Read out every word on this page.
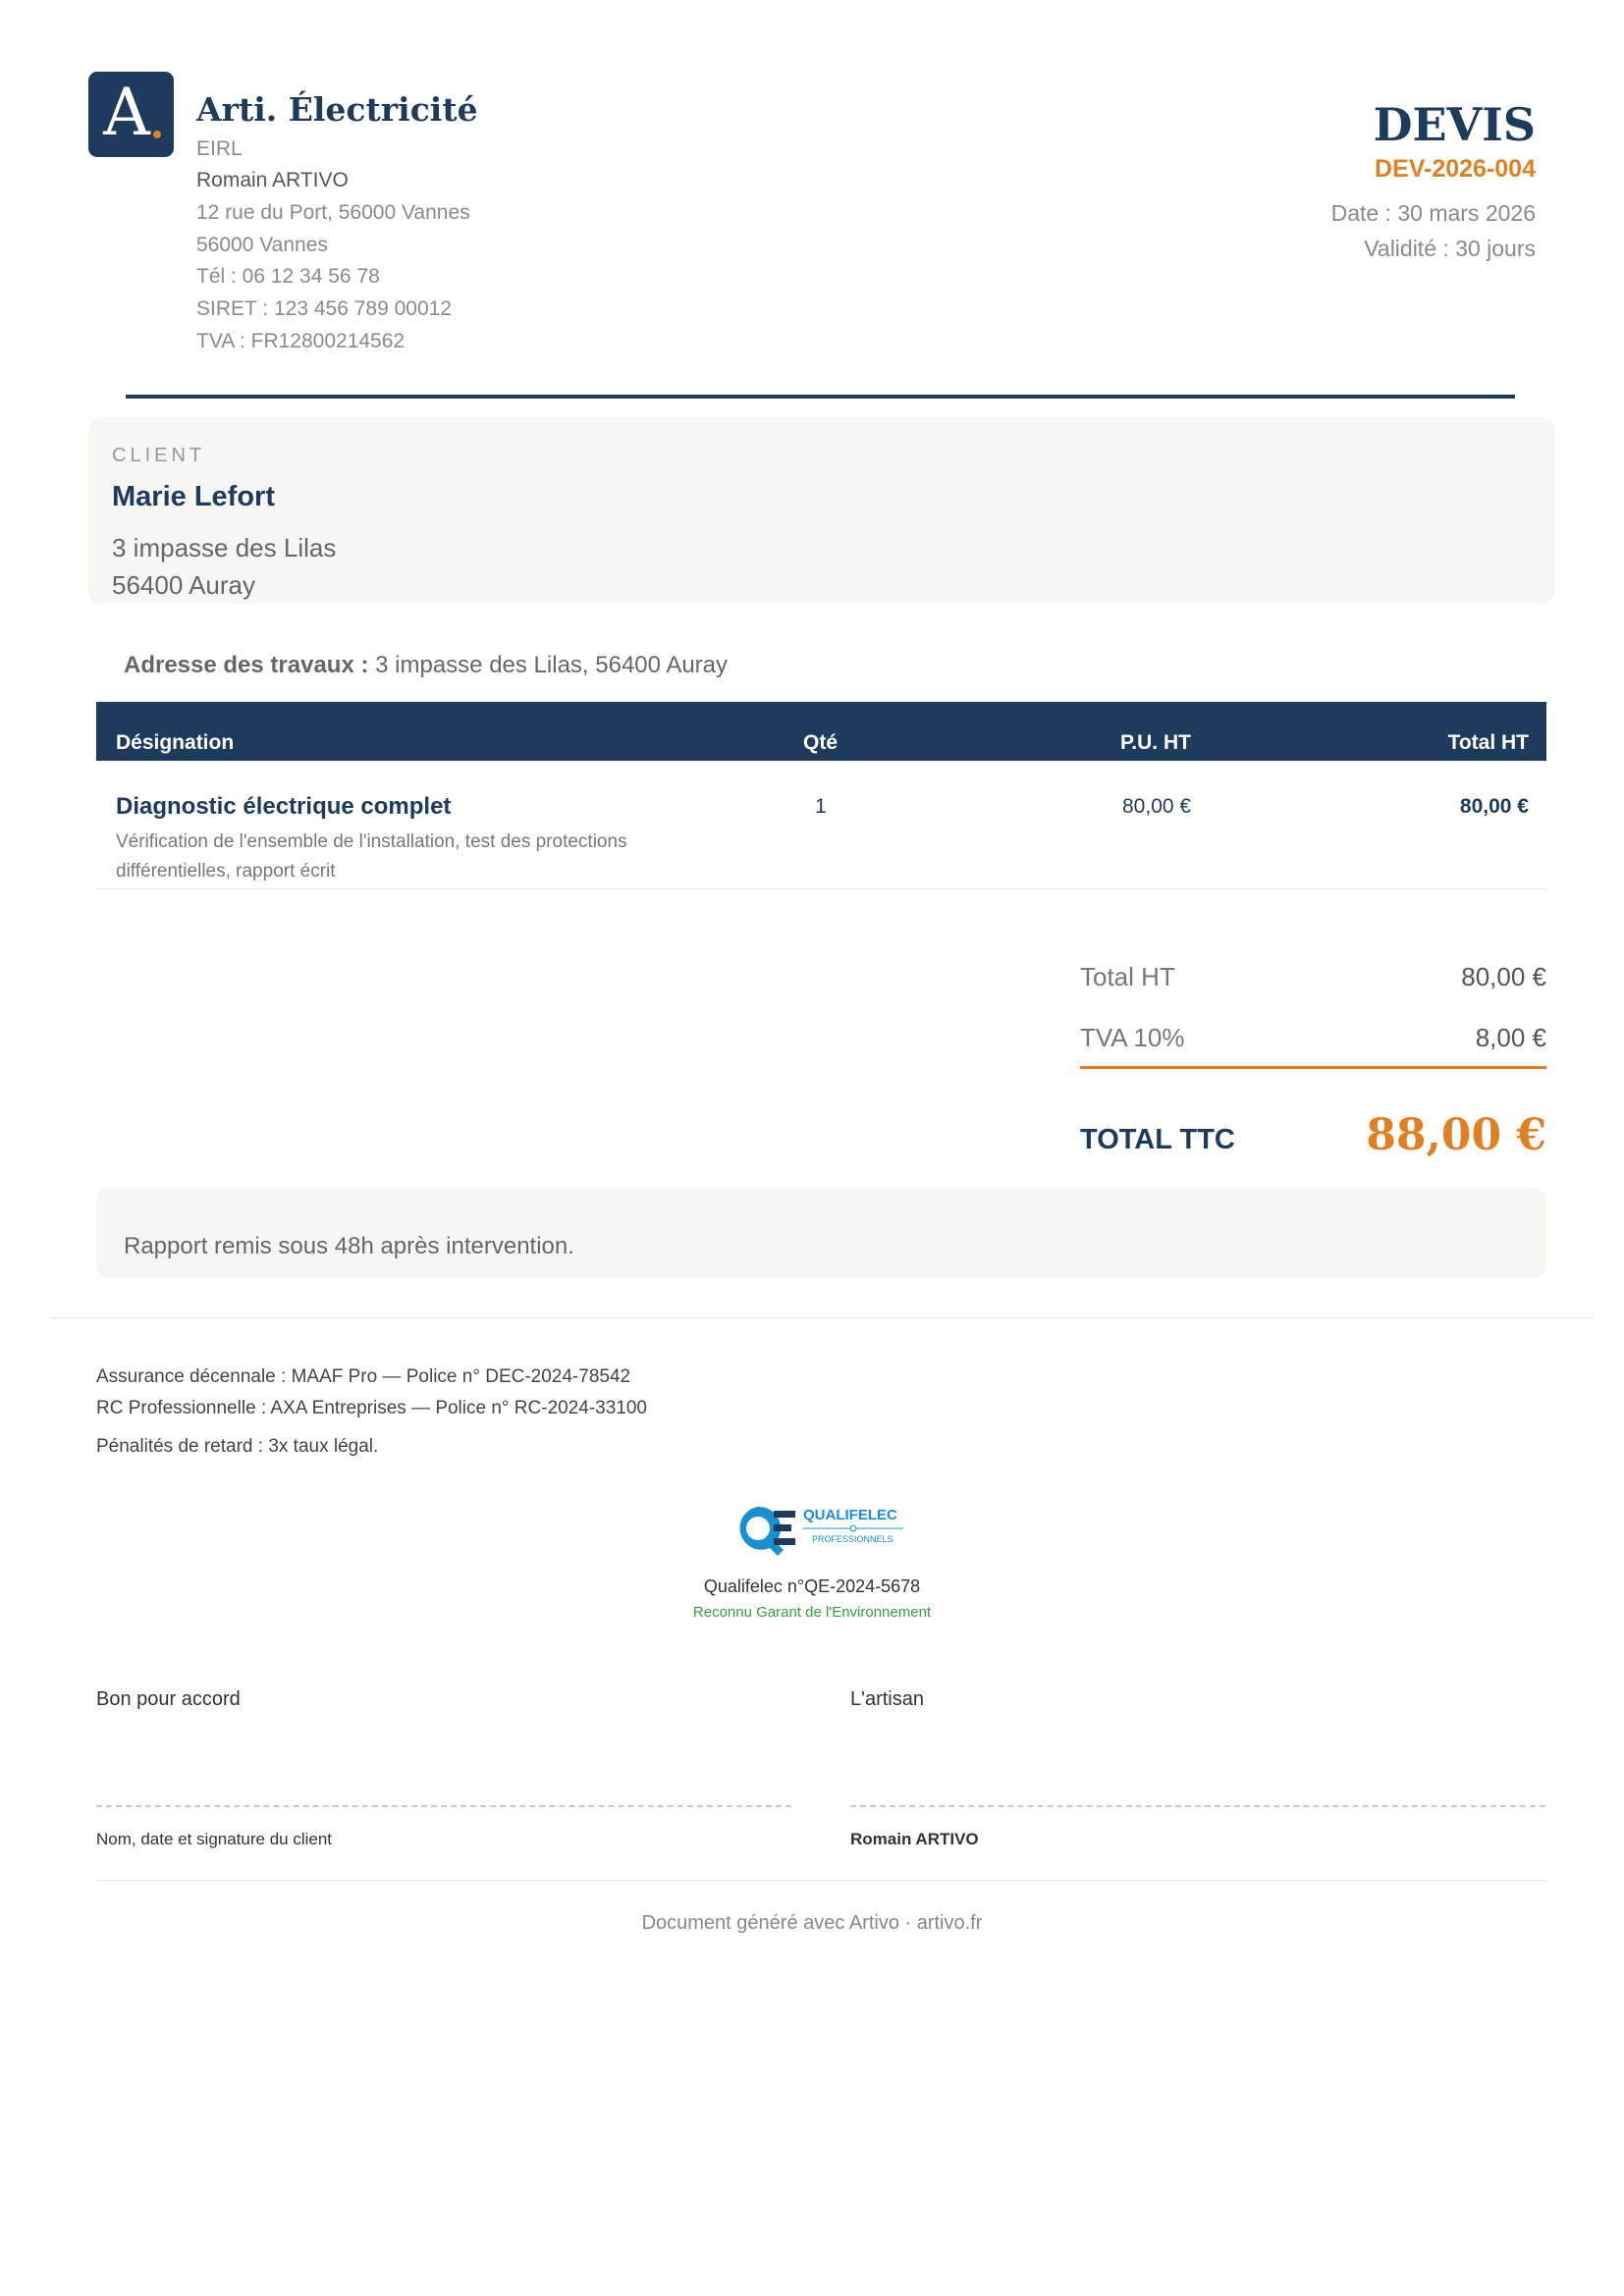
A	Arti. Électricité
EIRL
Romain ARTIVO
12 rue du Port, 56000 Vannes
56000 Vannes
Tél : 06 12 34 56 78
SIRET : 123 456 789 00012
TVA : FR12800214562
DEVIS
DEV-2026-004
Date : 30 mars 2026
Validité : 30 jours
CLIENT
Marie Lefort
3 impasse des Lilas
56400 Auray
Adresse des travaux : 3 impasse des Lilas, 56400 Auray
Désignation	Qté	P.U. HT	Total HT
Diagnostic électrique complet
Vérification de l'ensemble de l'installation, test des protections différentielles, rapport écrit
1	80,00 €	80,00 €
Total HT	80,00 €
TVA 10%	8,00 €
TOTAL TTC	88,00 €
Rapport remis sous 48h après intervention.
Assurance décennale : MAAF Pro — Police n° DEC-2024-78542
RC Professionnelle : AXA Entreprises — Police n° RC-2024-33100
Pénalités de retard : 3x taux légal.
QUALIFELEC
PROFESSIONNELS
Qualifelec n°QE-2024-5678
Reconnu Garant de l'Environnement
Bon pour accord	L'artisan
Nom, date et signature du client	Romain ARTIVO
Document généré avec Artivo · artivo.fr
